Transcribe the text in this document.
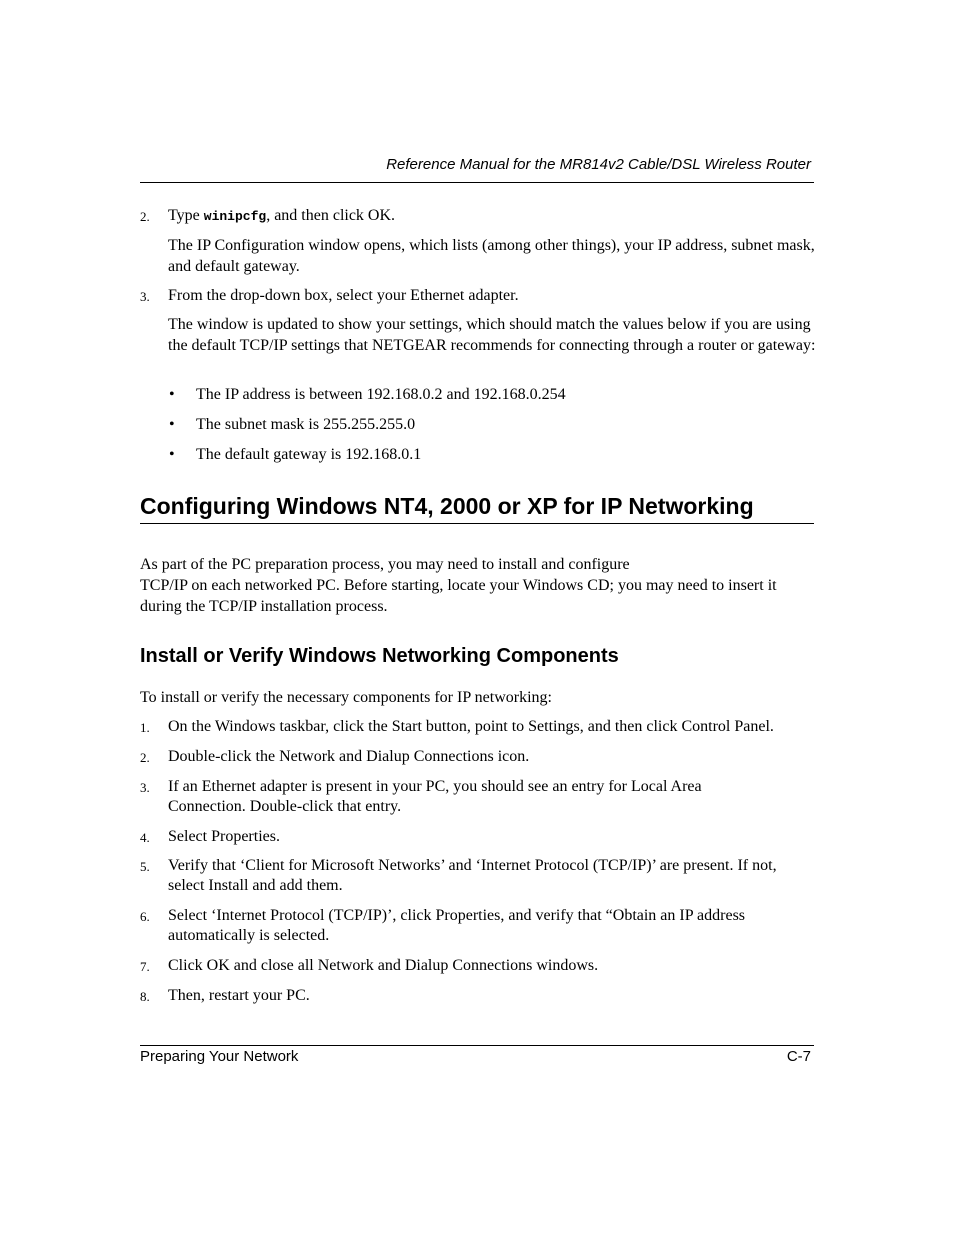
Reference Manual for the MR814v2 Cable/DSL Wireless Router
2. Type winipcfg, and then click OK.
The IP Configuration window opens, which lists (among other things), your IP address, subnet mask, and default gateway.
3. From the drop-down box, select your Ethernet adapter.
The window is updated to show your settings, which should match the values below if you are using the default TCP/IP settings that NETGEAR recommends for connecting through a router or gateway:
• The IP address is between 192.168.0.2 and 192.168.0.254
• The subnet mask is 255.255.255.0
• The default gateway is 192.168.0.1
Configuring Windows NT4, 2000 or XP for IP Networking
As part of the PC preparation process, you may need to install and configure
TCP/IP on each networked PC. Before starting, locate your Windows CD; you may need to insert it during the TCP/IP installation process.
Install or Verify Windows Networking Components
To install or verify the necessary components for IP networking:
1. On the Windows taskbar, click the Start button, point to Settings, and then click Control Panel.
2. Double-click the Network and Dialup Connections icon.
3. If an Ethernet adapter is present in your PC, you should see an entry for Local Area Connection. Double-click that entry.
4. Select Properties.
5. Verify that ‘Client for Microsoft Networks’ and ‘Internet Protocol (TCP/IP)’ are present. If not, select Install and add them.
6. Select ‘Internet Protocol (TCP/IP)’, click Properties, and verify that “Obtain an IP address automatically is selected.
7. Click OK and close all Network and Dialup Connections windows.
8. Then, restart your PC.
Preparing Your Network	C-7
